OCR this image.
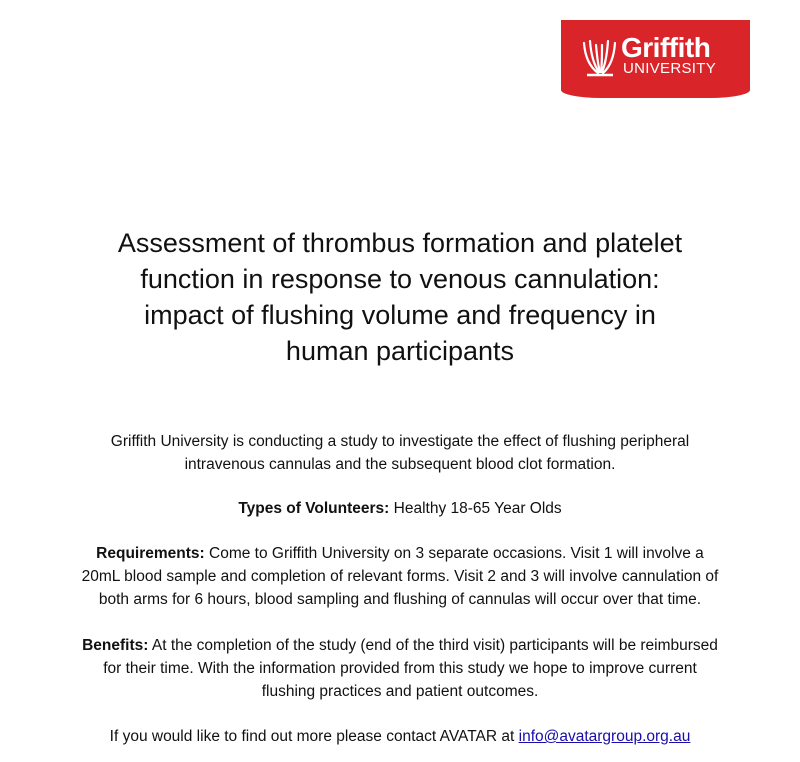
Griffith
UNIVERSITY
Assessment of thrombus formation and platelet
function in response to venous cannulation:
impact of flushing volume and frequency in
human participants

Griffith University is conducting a study to investigate the effect of flushing peripheral
intravenous cannulas and the subsequent blood clot formation.

Types of Volunteers: Healthy 18-65 Year Olds

Requirements: Come to Griffith University on 3 separate occasions. Visit 1 will involve a
20mL blood sample and completion of relevant forms. Visit 2 and 3 will involve cannulation of
both arms for 6 hours, blood sampling and flushing of cannulas will occur over that time.

Benefits: At the completion of the study (end of the third visit) participants will be reimbursed
for their time. With the information provided from this study we hope to improve current
flushing practices and patient outcomes.

If you would like to find out more please contact AVATAR at info@avatargroup.org.au
